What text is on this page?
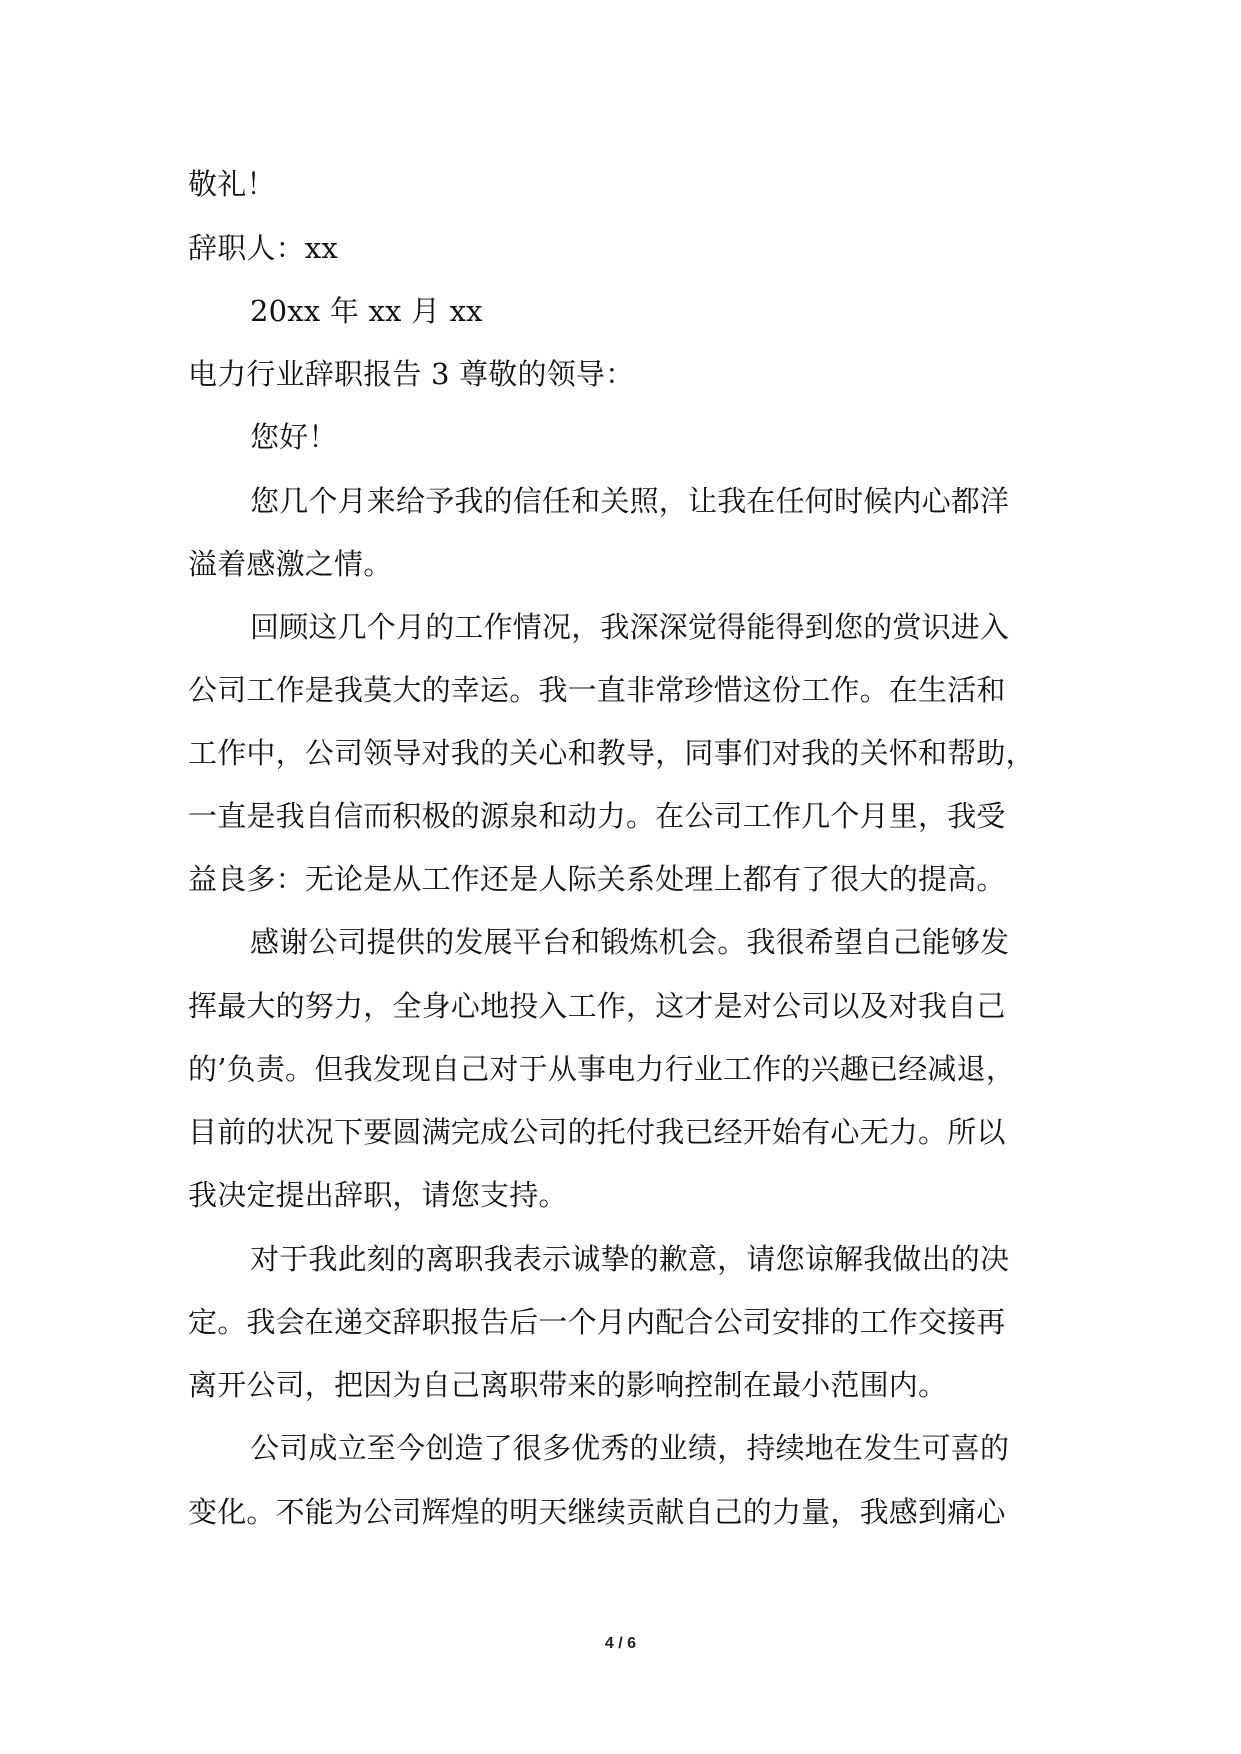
敬礼！
辞职人：xx
20xx 年 xx 月 xx
电力行业辞职报告 3 尊敬的领导：
您好！
您几个月来给予我的信任和关照，让我在任何时候内心都洋
溢着感激之情。
回顾这几个月的工作情况，我深深觉得能得到您的赏识进入
公司工作是我莫大的幸运。我一直非常珍惜这份工作。在生活和
工作中，公司领导对我的关心和教导，同事们对我的关怀和帮助，
一直是我自信而积极的源泉和动力。在公司工作几个月里，我受
益良多：无论是从工作还是人际关系处理上都有了很大的提高。
感谢公司提供的发展平台和锻炼机会。我很希望自己能够发
挥最大的努力，全身心地投入工作，这才是对公司以及对我自己
的’负责。但我发现自己对于从事电力行业工作的兴趣已经减退，
目前的状况下要圆满完成公司的托付我已经开始有心无力。所以
我决定提出辞职，请您支持。
对于我此刻的离职我表示诚挚的歉意，请您谅解我做出的决
定。我会在递交辞职报告后一个月内配合公司安排的工作交接再
离开公司，把因为自己离职带来的影响控制在最小范围内。
公司成立至今创造了很多优秀的业绩，持续地在发生可喜的
变化。不能为公司辉煌的明天继续贡献自己的力量，我感到痛心
4 / 6
